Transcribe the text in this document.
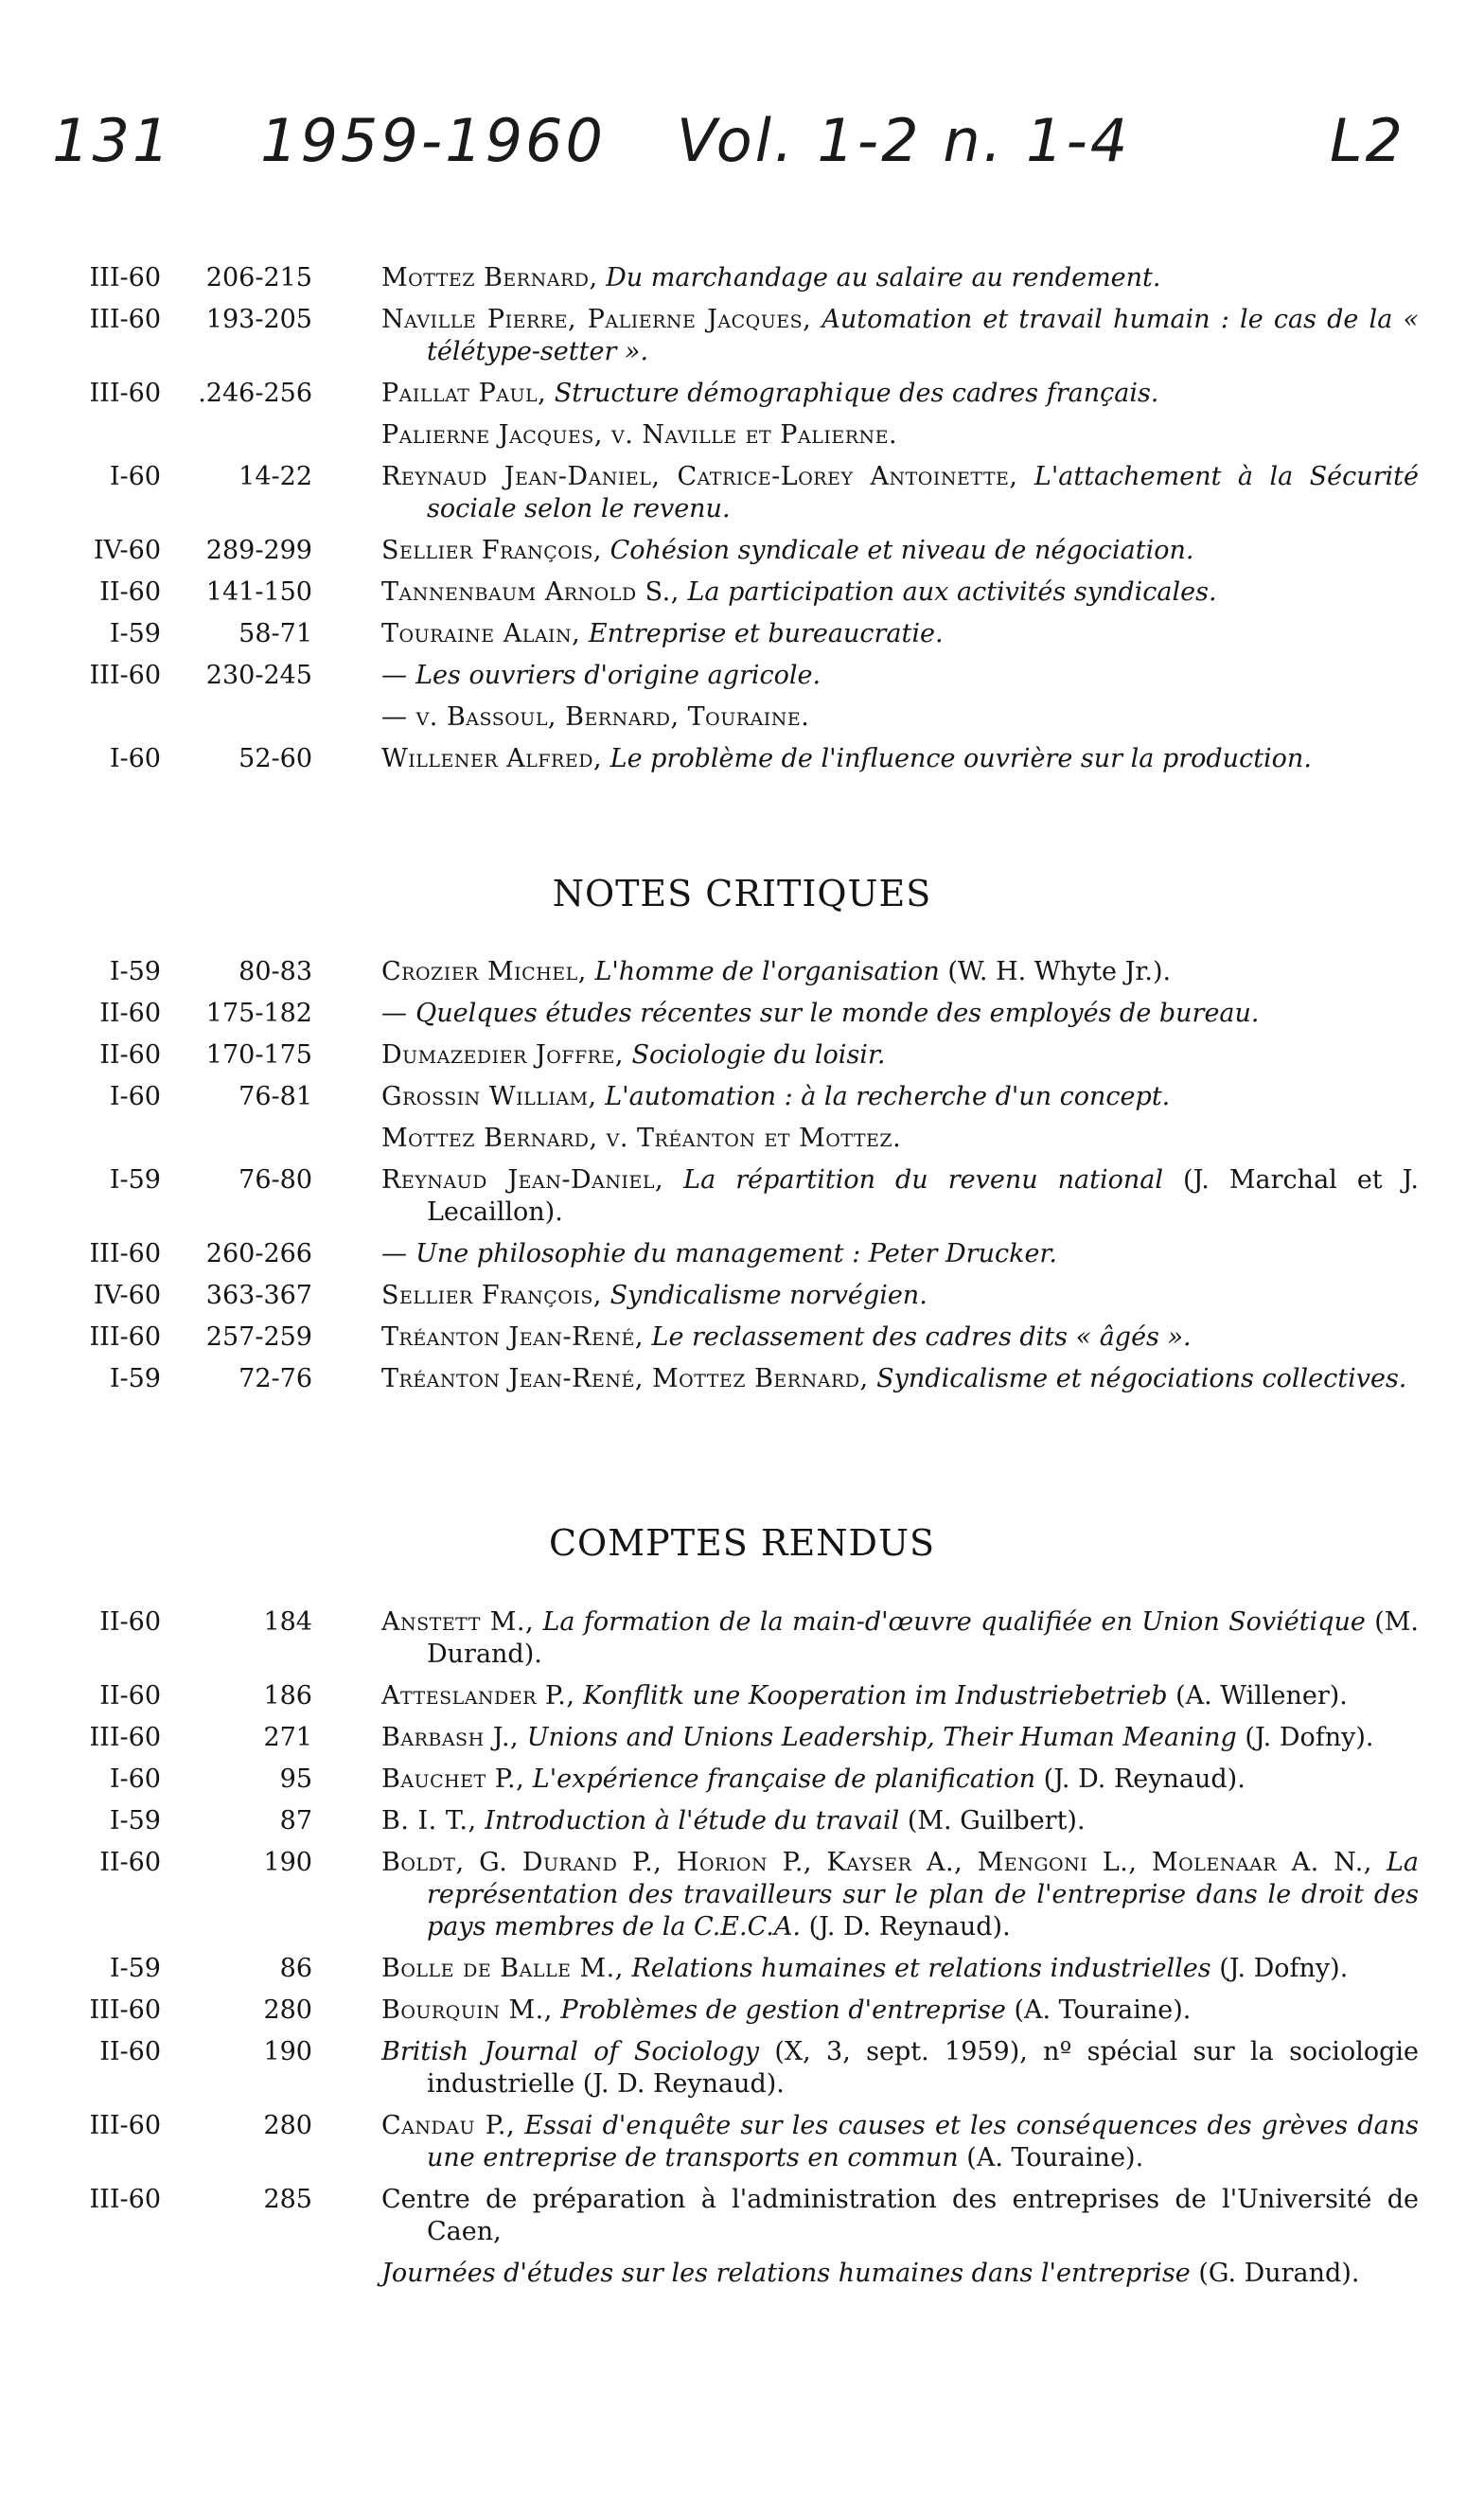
131 1959-1960 Vol. 1-2 n. 1-4	L2
III-60	206-215	Mottez Bernard, Du marchandage au salaire au rendement.
III-60	193-205	Naville Pierre, Palierne Jacques, Automation et travail humain : le cas de la « télétype-setter ».
III-60	.246-256	Paillat Paul, Structure démographique des cadres français.
Palierne Jacques, v. Naville et Palierne.
I-60	14-22	Reynaud Jean-Daniel, Catrice-Lorey Antoinette, L'attachement à la Sécurité sociale selon le revenu.
IV-60	289-299	Sellier François, Cohésion syndicale et niveau de négociation.
II-60	141-150	Tannenbaum Arnold S., La participation aux activités syndicales.
I-59	58-71	Touraine Alain, Entreprise et bureaucratie.
III-60	230-245	— Les ouvriers d'origine agricole.
— v. Bassoul, Bernard, Touraine.
I-60	52-60	Willener Alfred, Le problème de l'influence ouvrière sur la production.
NOTES CRITIQUES
I-59	80-83	Crozier Michel, L'homme de l'organisation (W. H. Whyte Jr.).
II-60	175-182	— Quelques études récentes sur le monde des employés de bureau.
II-60	170-175	Dumazedier Joffre, Sociologie du loisir.
I-60	76-81	Grossin William, L'automation : à la recherche d'un concept.
Mottez Bernard, v. Tréanton et Mottez.
I-59	76-80	Reynaud Jean-Daniel, La répartition du revenu national (J. Marchal et J. Lecaillon).
III-60	260-266	— Une philosophie du management : Peter Drucker.
IV-60	363-367	Sellier François, Syndicalisme norvégien.
III-60	257-259	Tréanton Jean-René, Le reclassement des cadres dits « âgés ».
I-59	72-76	Tréanton Jean-René, Mottez Bernard, Syndicalisme et négociations collectives.
COMPTES RENDUS
II-60	184	Anstett M., La formation de la main-d'œuvre qualifiée en Union Soviétique (M. Durand).
II-60	186	Atteslander P., Konflitk une Kooperation im Industriebetrieb (A. Willener).
III-60	271	Barbash J., Unions and Unions Leadership, Their Human Meaning (J. Dofny).
I-60	95	Bauchet P., L'expérience française de planification (J. D. Reynaud).
I-59	87	B. I. T., Introduction à l'étude du travail (M. Guilbert).
II-60	190	Boldt, G. Durand P., Horion P., Kayser A., Mengoni L., Molenaar A. N., La représentation des travailleurs sur le plan de l'entreprise dans le droit des pays membres de la C.E.C.A. (J. D. Reynaud).
I-59	86	Bolle de Balle M., Relations humaines et relations industrielles (J. Dofny).
III-60	280	Bourquin M., Problèmes de gestion d'entreprise (A. Touraine).
II-60	190	British Journal of Sociology (X, 3, sept. 1959), nº spécial sur la sociologie industrielle (J. D. Reynaud).
III-60	280	Candau P., Essai d'enquête sur les causes et les conséquences des grèves dans une entreprise de transports en commun (A. Touraine).
III-60	285	Centre de préparation à l'administration des entreprises de l'Université de Caen,
Journées d'études sur les relations humaines dans l'entreprise (G. Durand).
